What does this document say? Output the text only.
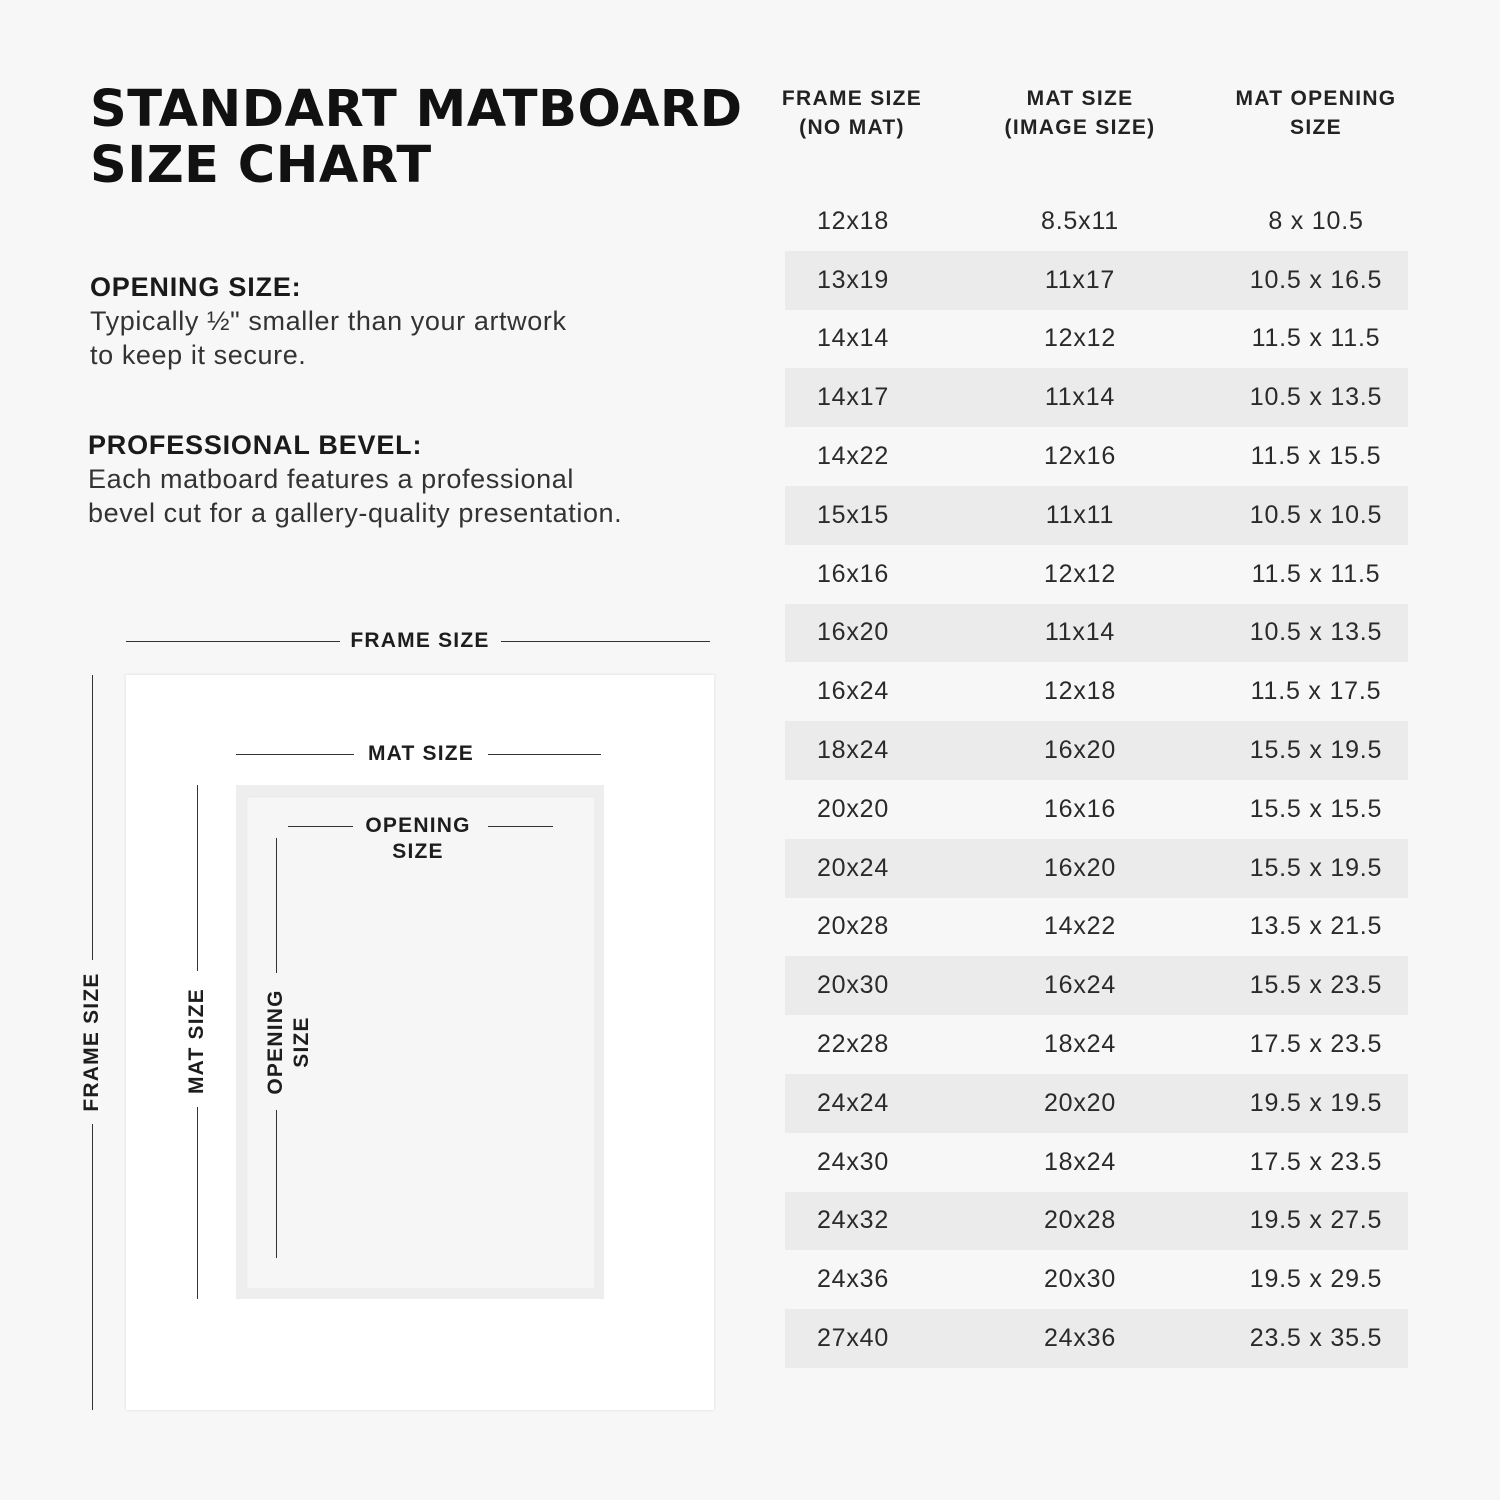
STANDART MATBOARD
SIZE CHART
OPENING SIZE:
Typically ½" smaller than your artwork
to keep it secure.
PROFESSIONAL BEVEL:
Each matboard features a professional
bevel cut for a gallery-quality presentation.
FRAME SIZE
FRAME SIZE
MAT SIZE
MAT SIZE
OPENING
SIZE
OPENING
SIZE
FRAME SIZE
(NO MAT)
MAT SIZE
(IMAGE SIZE)
MAT OPENING
SIZE
12x18	8.5x11	8 x 10.5
13x19	11x17	10.5 x 16.5
14x14	12x12	11.5 x 11.5
14x17	11x14	10.5 x 13.5
14x22	12x16	11.5 x 15.5
15x15	11x11	10.5 x 10.5
16x16	12x12	11.5 x 11.5
16x20	11x14	10.5 x 13.5
16x24	12x18	11.5 x 17.5
18x24	16x20	15.5 x 19.5
20x20	16x16	15.5 x 15.5
20x24	16x20	15.5 x 19.5
20x28	14x22	13.5 x 21.5
20x30	16x24	15.5 x 23.5
22x28	18x24	17.5 x 23.5
24x24	20x20	19.5 x 19.5
24x30	18x24	17.5 x 23.5
24x32	20x28	19.5 x 27.5
24x36	20x30	19.5 x 29.5
27x40	24x36	23.5 x 35.5
